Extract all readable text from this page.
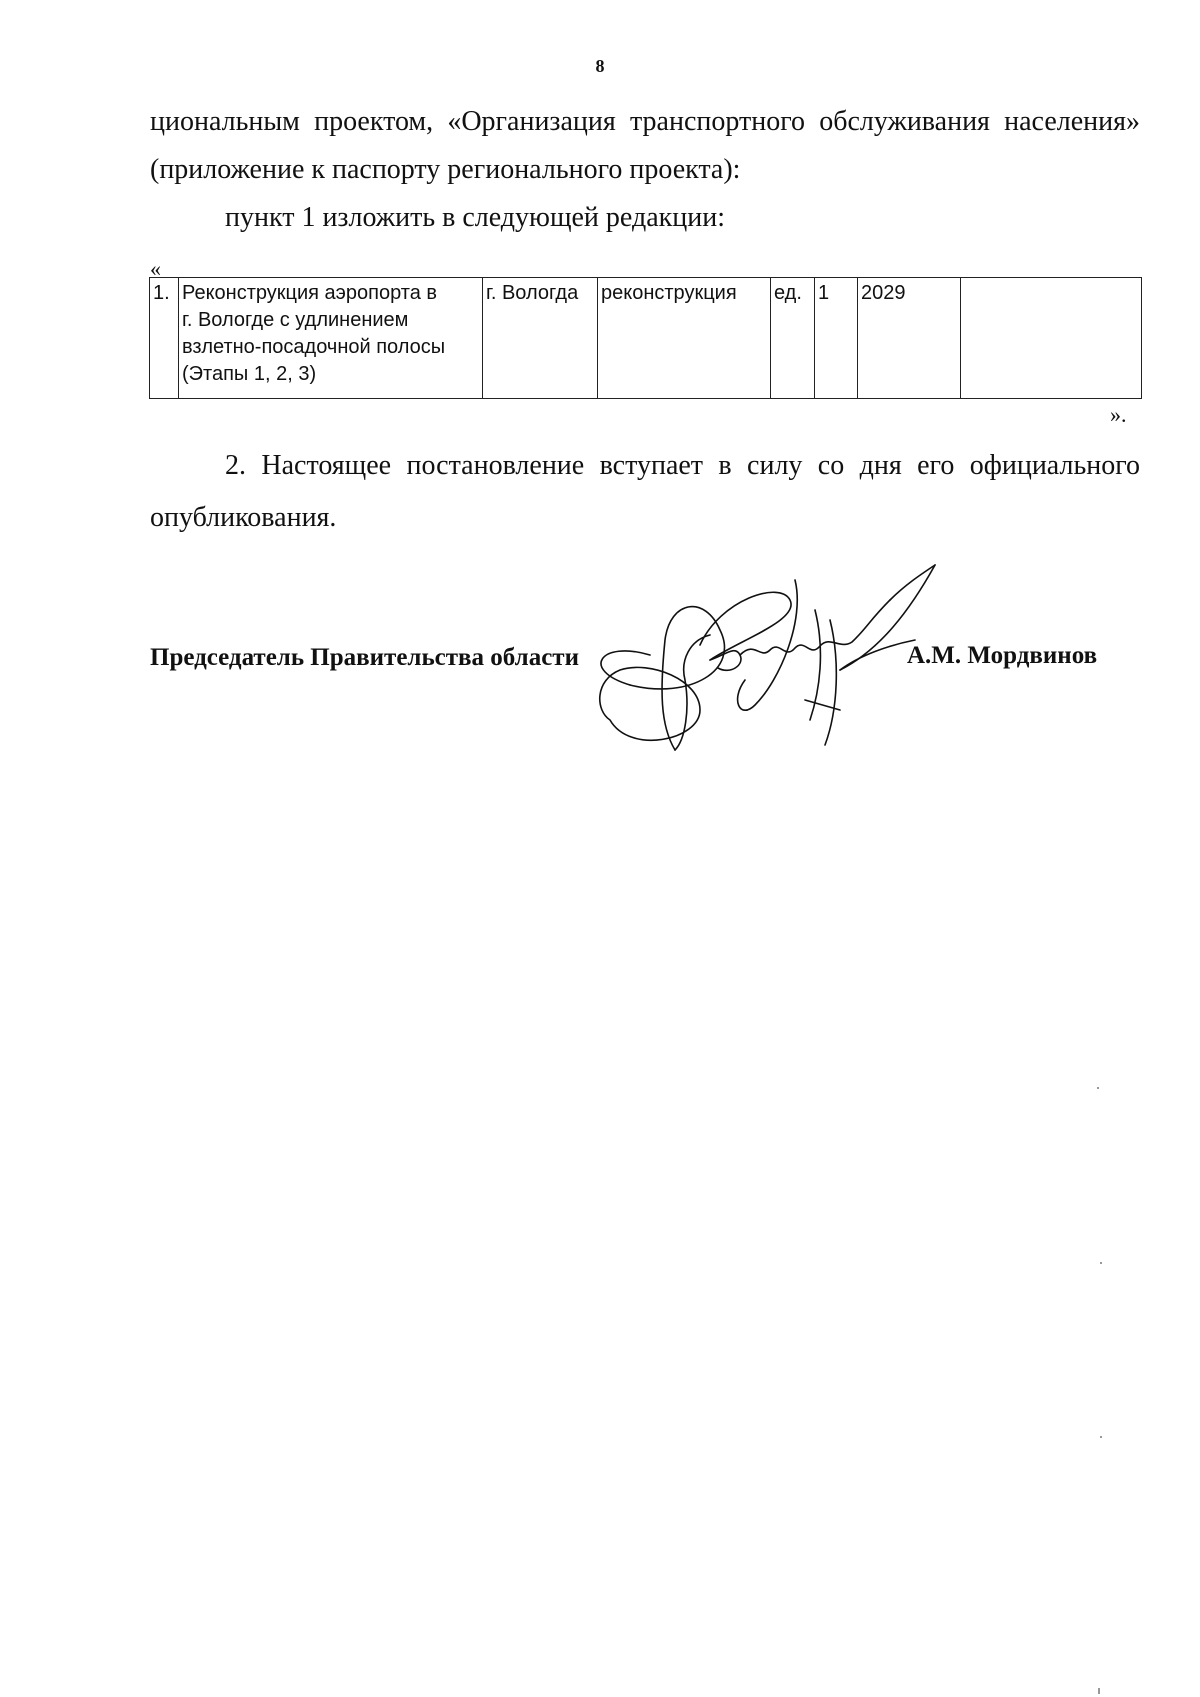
8
циональным проектом, «Организация транспортного обслуживания населения»
(приложение к паспорту регионального проекта):
пункт 1 изложить в следующей редакции:
«
1.	Реконструкция аэропорта в
г. Вологде с удлинением
взлетно-посадочной полосы
(Этапы 1, 2, 3)
	г. Вологда	реконструкция	ед.	1	2029	
».
2. Настоящее постановление вступает в силу со дня его официального
опубликования.
Председатель Правительства области	А.М. Мордвинов
